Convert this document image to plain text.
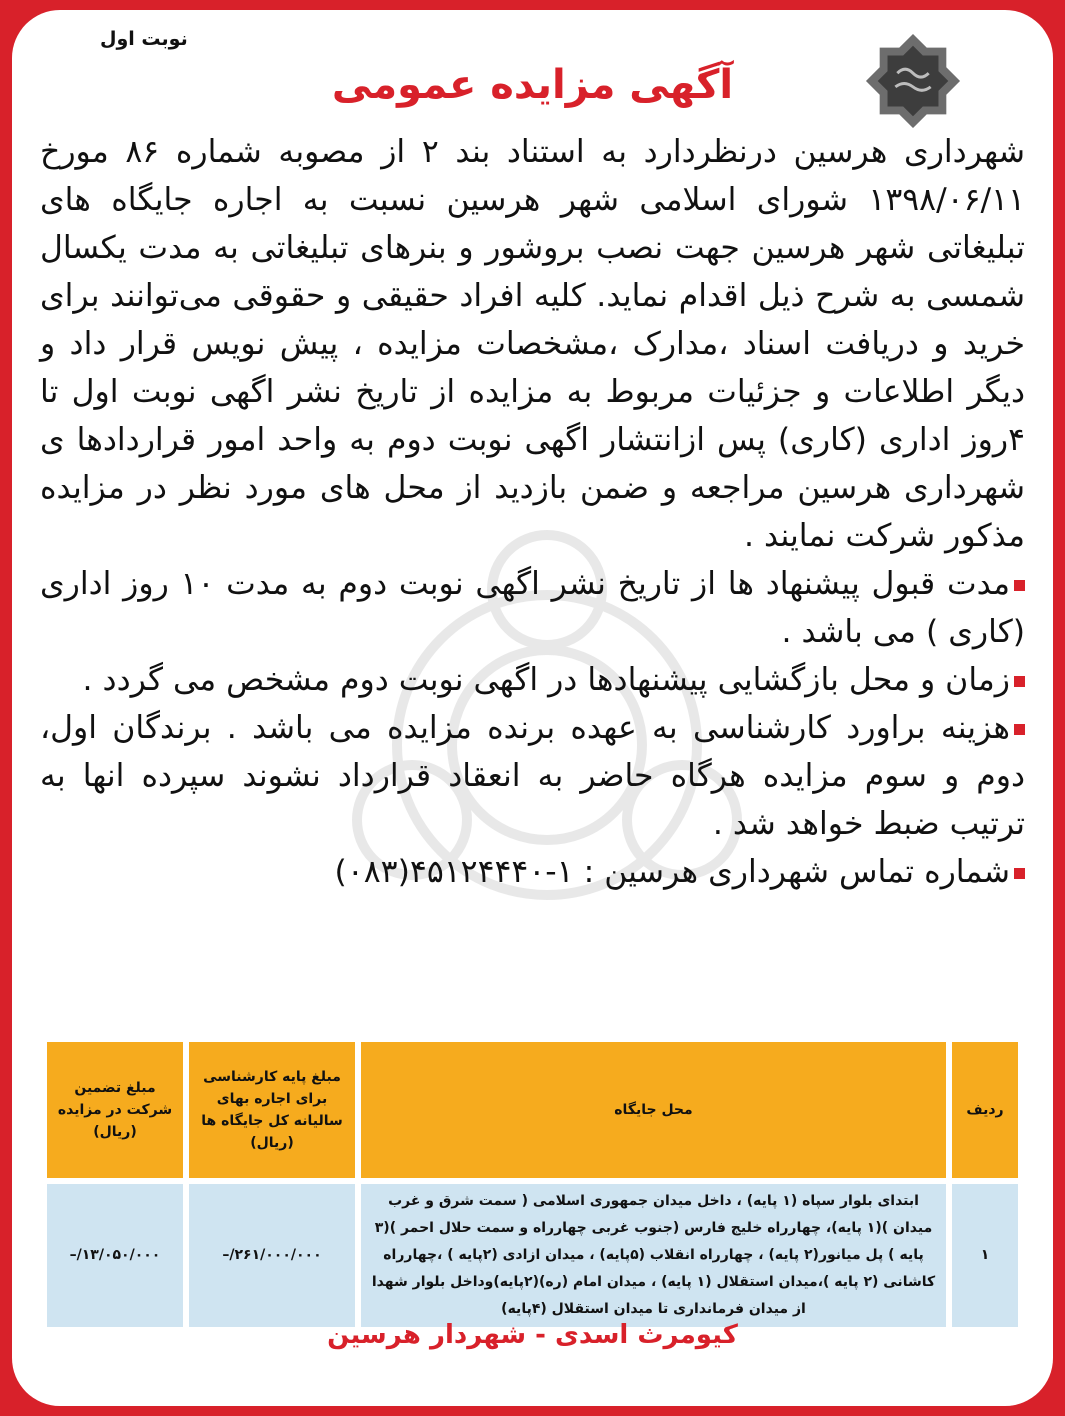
نوبت اول
آگهی مزایده عمومی

شهرداری هرسین درنظردارد به استناد بند ۲ از مصوبه شماره ۸۶ مورخ ۱۳۹۸/۰۶/۱۱ شورای اسلامی شهر هرسین نسبت به اجاره جایگاه های تبلیغاتی شهر هرسین جهت نصب بروشور و بنرهای تبلیغاتی به مدت یکسال شمسی به شرح ذیل اقدام نماید. کلیه افراد حقیقی و حقوقی می‌توانند برای خرید و دریافت اسناد ،مدارک ،مشخصات مزایده ، پیش نویس قرار داد و دیگر اطلاعات و جزئیات مربوط به مزایده از تاریخ نشر اگهی نوبت اول تا ۴روز اداری (کاری) پس ازانتشار اگهی نوبت دوم به واحد امور قراردادها ی شهرداری هرسین مراجعه و ضمن بازدید از محل های مورد نظر در مزایده مذکور شرکت نمایند .

مدت قبول پیشنهاد ها از تاریخ نشر اگهی نوبت دوم به مدت ۱۰ روز اداری (کاری ) می باشد .

زمان و محل بازگشایی پیشنهادها در اگهی نوبت دوم مشخص می گردد .

هزینه براورد کارشناسی به عهده برنده مزایده می باشد . برندگان اول، دوم و سوم مزایده هرگاه حاضر به انعقاد قرارداد نشوند سپرده انها به ترتیب ضبط خواهد شد .

شماره تماس شهرداری هرسین : ۱-۴۵۱۲۴۴۴۰(۰۸۳)

ردیف	محل جایگاه	مبلغ پایه کارشناسی برای اجاره بهای سالیانه کل جایگاه ها (ریال)	مبلغ تضمین شرکت در مزایده (ریال)
۱	ابتدای بلوار سپاه (۱ پایه) ، داخل میدان جمهوری اسلامی ( سمت شرق و غرب میدان )(۱ پایه)، چهارراه خلیج فارس (جنوب غربی چهارراه و سمت حلال احمر )(۳ پایه ) پل میانور(۲ پایه) ، چهارراه انقلاب (۵پایه) ، میدان ازادی (۲پایه ) ،چهارراه کاشانی (۲ پایه )،میدان استقلال (۱ پایه) ، میدان امام (ره)(۲پایه)وداخل بلوار شهدا از میدان فرمانداری تا میدان استقلال (۴پایه)	۲۶۱/۰۰۰/۰۰۰/–	۱۳/۰۵۰/۰۰۰/–
کیومرث اسدی - شهردار هرسین
